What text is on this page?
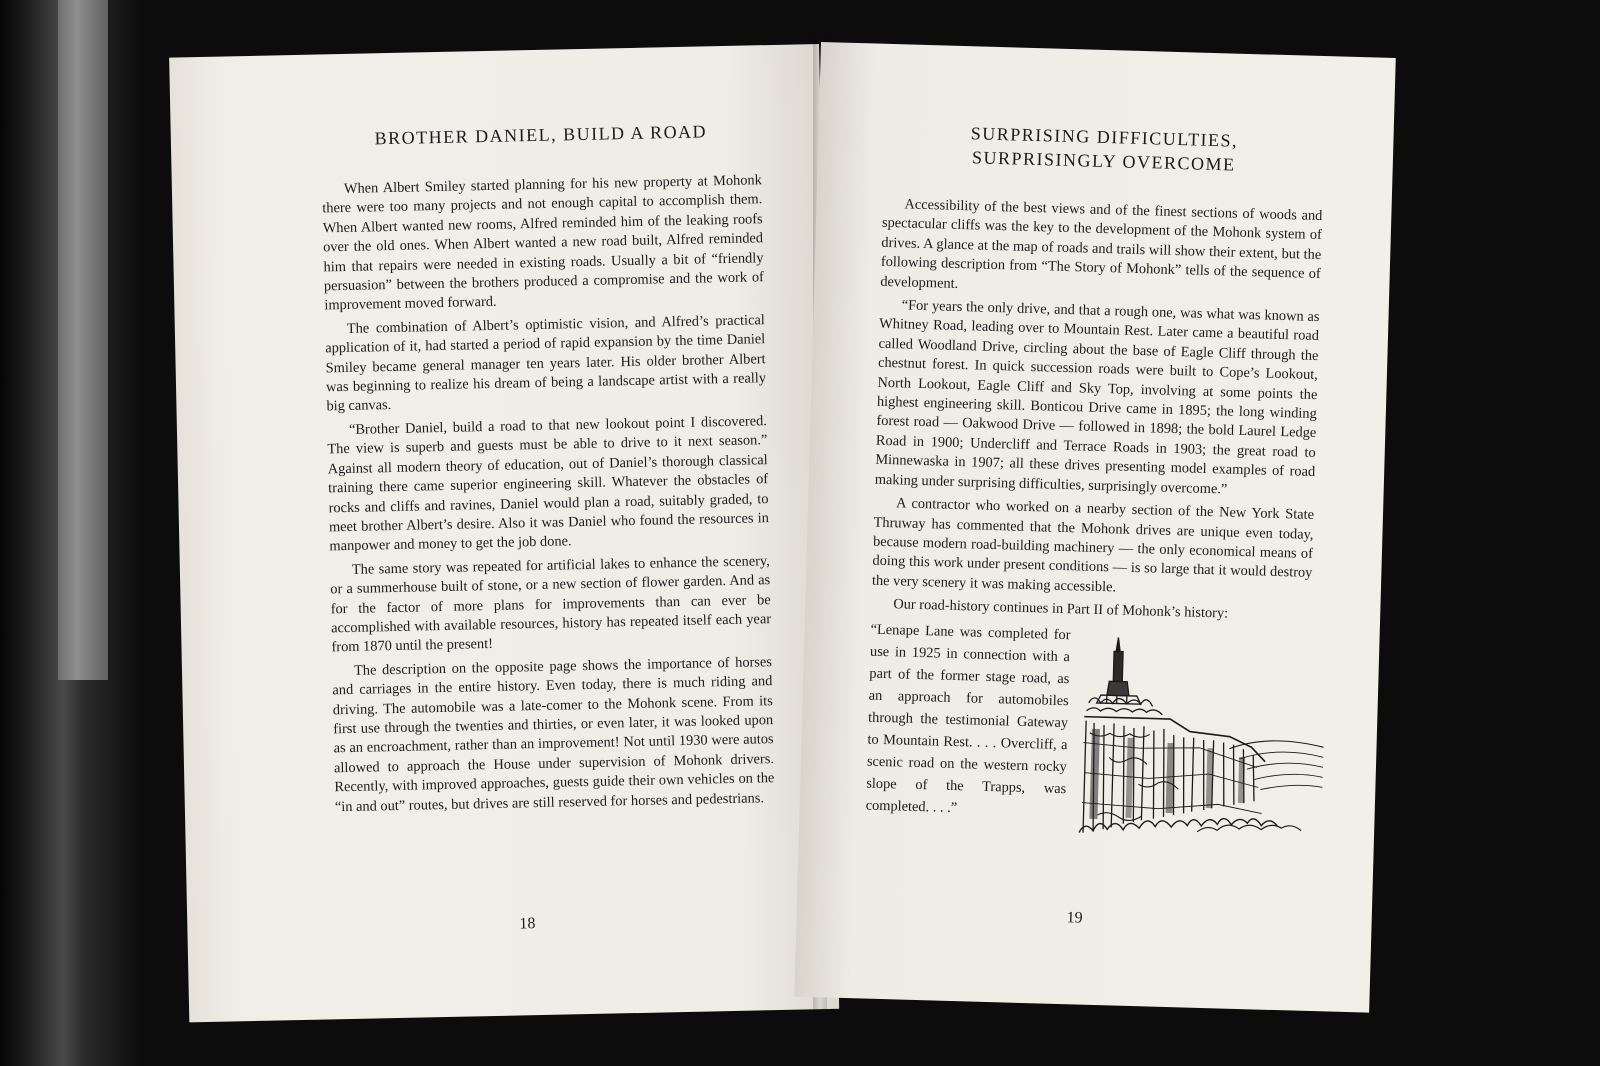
BROTHER DANIEL, BUILD A ROAD

When Albert Smiley started planning for his new property at Mohonk there were too many projects and not enough capital to accomplish them. When Albert wanted new rooms, Alfred reminded him of the leaking roofs over the old ones. When Albert wanted a new road built, Alfred reminded him that repairs were needed in existing roads. Usually a bit of “friendly persuasion” between the brothers produced a compromise and the work of improvement moved forward.

The combination of Albert’s optimistic vision, and Alfred’s practical application of it, had started a period of rapid expansion by the time Daniel Smiley became general manager ten years later. His older brother Albert was beginning to realize his dream of being a landscape artist with a really big canvas.

“Brother Daniel, build a road to that new lookout point I discovered. The view is superb and guests must be able to drive to it next season.” Against all modern theory of education, out of Daniel’s thorough classical training there came superior engineering skill. Whatever the obstacles of rocks and cliffs and ravines, Daniel would plan a road, suitably graded, to meet brother Albert’s desire. Also it was Daniel who found the resources in manpower and money to get the job done.

The same story was repeated for artificial lakes to enhance the scenery, or a summerhouse built of stone, or a new section of flower garden. And as for the factor of more plans for improvements than can ever be accomplished with available resources, history has repeated itself each year from 1870 until the present!

The description on the opposite page shows the importance of horses and carriages in the entire history. Even today, there is much riding and driving. The automobile was a late-comer to the Mohonk scene. From its first use through the twenties and thirties, or even later, it was looked upon as an encroachment, rather than an improvement! Not until 1930 were autos allowed to approach the House under supervision of Mohonk drivers. Recently, with improved approaches, guests guide their own vehicles on the “in and out” routes, but drives are still reserved for horses and pedestrians.

18
SURPRISING DIFFICULTIES,
SURPRISINGLY OVERCOME

Accessibility of the best views and of the finest sections of woods and spectacular cliffs was the key to the development of the Mohonk system of drives. A glance at the map of roads and trails will show their extent, but the following description from “The Story of Mohonk” tells of the sequence of development.

“For years the only drive, and that a rough one, was what was known as Whitney Road, leading over to Mountain Rest. Later came a beautiful road called Woodland Drive, circling about the base of Eagle Cliff through the chestnut forest. In quick succession roads were built to Cope’s Lookout, North Lookout, Eagle Cliff and Sky Top, involving at some points the highest engineering skill. Bonticou Drive came in 1895; the long winding forest road — Oakwood Drive — followed in 1898; the bold Laurel Ledge Road in 1900; Undercliff and Terrace Roads in 1903; the great road to Minnewaska in 1907; all these drives presenting model examples of road making under surprising difficulties, surprisingly overcome.”

A contractor who worked on a nearby section of the New York State Thruway has commented that the Mohonk drives are unique even today, because modern road-building machinery — the only economical means of doing this work under present conditions — is so large that it would destroy the very scenery it was making accessible.

Our road-history continues in Part II of Mohonk’s history:

“Lenape Lane was completed for use in 1925 in connection with a part of the former stage road, as an approach for automobiles through the testimonial Gateway to Mountain Rest. . . . Overcliff, a scenic road on the western rocky slope of the Trapps, was completed. . . .”

19
